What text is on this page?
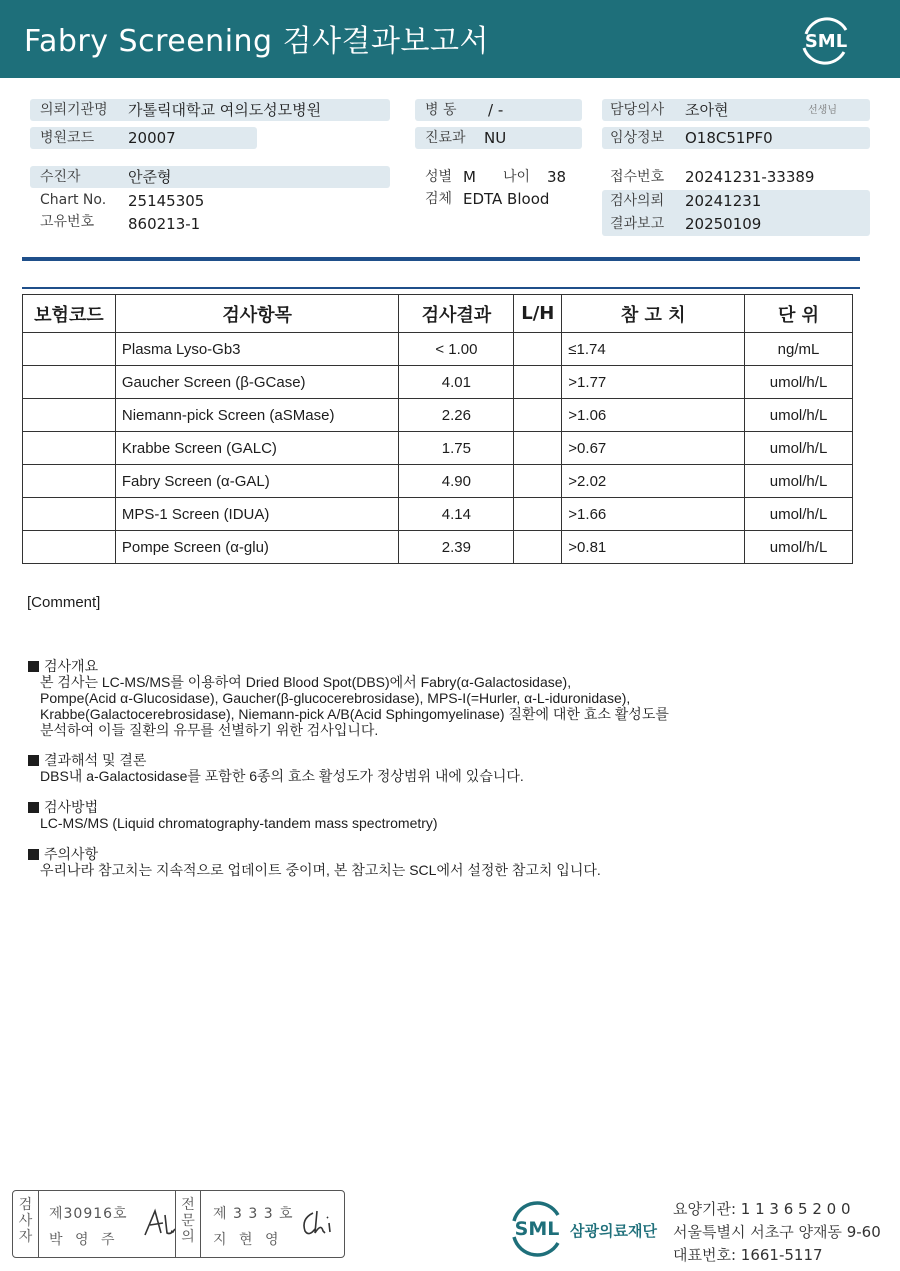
Fabry Screening 검사결과보고서	SML
의뢰기관명 가톨릭대학교 여의도성모병원
병원코드 20007
수진자	안준형
Chart No. 25145305
고유번호 860213-1
병 동 / -
진료과 NU
성별 M 나이 38
검체 EDTA Blood
담당의사 조아현	선생님
임상정보 O18C51PF0
접수번호 20241231-33389
검사의뢰 20241231
결과보고 20250109
보험코드	검사항목	검사결과	L/H	참 고 치	단 위
	Plasma Lyso-Gb3	< 1.00		≤1.74	ng/mL
	Gaucher Screen (β-GCase)	4.01		>1.77	umol/h/L
	Niemann-pick Screen (aSMase)	2.26		>1.06	umol/h/L
	Krabbe Screen (GALC)	1.75		>0.67	umol/h/L
	Fabry Screen (α-GAL)	4.90		>2.02	umol/h/L
	MPS-1 Screen (IDUA)	4.14		>1.66	umol/h/L
	Pompe Screen (α-glu)	2.39		>0.81	umol/h/L
[Comment]
검사개요
본 검사는 LC-MS/MS를 이용하여 Dried Blood Spot(DBS)에서 Fabry(α-Galactosidase),
Pompe(Acid α-Glucosidase), Gaucher(β-glucocerebrosidase), MPS-I(=Hurler, α-L-iduronidase),
Krabbe(Galactocerebrosidase), Niemann-pick A/B(Acid Sphingomyelinase) 질환에 대한 효소 활성도를
분석하여 이들 질환의 유무를 선별하기 위한 검사입니다.
결과해석 및 결론
DBS내 a-Galactosidase를 포함한 6종의 효소 활성도가 정상범위 내에 있습니다.
검사방법
LC-MS/MS (Liquid chromatography-tandem mass spectrometry)
주의사항
우리나라 참고치는 지속적으로 업데이트 중이며, 본 참고치는 SCL에서 설정한 참고치 입니다.
검
사
자
제30916호
박 영 주
전
문
의
제 3 3 3 호
지 현 영	SML 삼광의료재단
요양기관: 1 1 3 6 5 2 0 0
서울특별시 서초구 양재동 9-60
대표번호: 1661-5117
